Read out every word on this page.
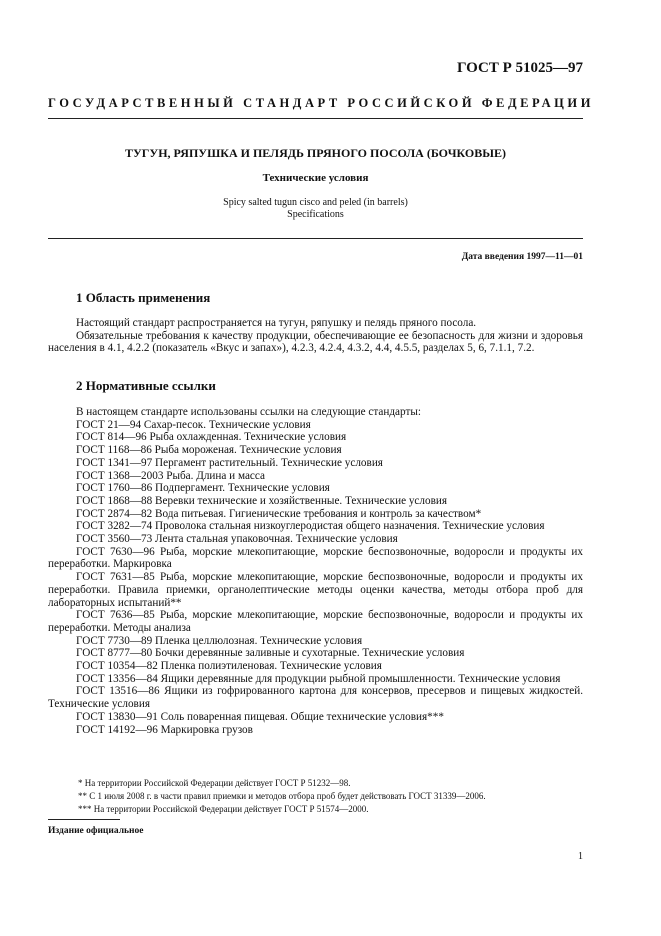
ГОСТ Р 51025—97
ГОСУДАРСТВЕННЫЙ СТАНДАРТ РОССИЙСКОЙ ФЕДЕРАЦИИ
ТУГУН, РЯПУШКА И ПЕЛЯДЬ ПРЯНОГО ПОСОЛА (БОЧКОВЫЕ)
Технические условия
Spicy salted tugun cisco and peled (in barrels)
Specifications
Дата введения 1997—11—01
1 Область применения
Настоящий стандарт распространяется на тугун, ряпушку и пелядь пряного посола.
Обязательные требования к качеству продукции, обеспечивающие ее безопасность для жизни и здоровья населения в 4.1, 4.2.2 (показатель «Вкус и запах»), 4.2.3, 4.2.4, 4.3.2, 4.4, 4.5.5, разделах 5, 6, 7.1.1, 7.2.
2 Нормативные ссылки
В настоящем стандарте использованы ссылки на следующие стандарты:
ГОСТ 21—94 Сахар-песок. Технические условия
ГОСТ 814—96 Рыба охлажденная. Технические условия
ГОСТ 1168—86 Рыба мороженая. Технические условия
ГОСТ 1341—97 Пергамент растительный. Технические условия
ГОСТ 1368—2003 Рыба. Длина и масса
ГОСТ 1760—86 Подпергамент. Технические условия
ГОСТ 1868—88 Веревки технические и хозяйственные. Технические условия
ГОСТ 2874—82 Вода питьевая. Гигиенические требования и контроль за качеством*
ГОСТ 3282—74 Проволока стальная низкоуглеродистая общего назначения. Технические условия
ГОСТ 3560—73 Лента стальная упаковочная. Технические условия
ГОСТ 7630—96 Рыба, морские млекопитающие, морские беспозвоночные, водоросли и продукты их переработки. Маркировка
ГОСТ 7631—85 Рыба, морские млекопитающие, морские беспозвоночные, водоросли и продукты их переработки. Правила приемки, органолептические методы оценки качества, методы отбора проб для лабораторных испытаний**
ГОСТ 7636—85 Рыба, морские млекопитающие, морские беспозвоночные, водоросли и продукты их переработки. Методы анализа
ГОСТ 7730—89 Пленка целлюлозная. Технические условия
ГОСТ 8777—80 Бочки деревянные заливные и сухотарные. Технические условия
ГОСТ 10354—82 Пленка полиэтиленовая. Технические условия
ГОСТ 13356—84 Ящики деревянные для продукции рыбной промышленности. Технические условия
ГОСТ 13516—86 Ящики из гофрированного картона для консервов, пресервов и пищевых жидкостей. Технические условия
ГОСТ 13830—91 Соль поваренная пищевая. Общие технические условия***
ГОСТ 14192—96 Маркировка грузов
* На территории Российской Федерации действует ГОСТ Р 51232—98.
** С 1 июля 2008 г. в части правил приемки и методов отбора проб будет действовать ГОСТ 31339—2006.
*** На территории Российской Федерации действует ГОСТ Р 51574—2000.
Издание официальное
1
